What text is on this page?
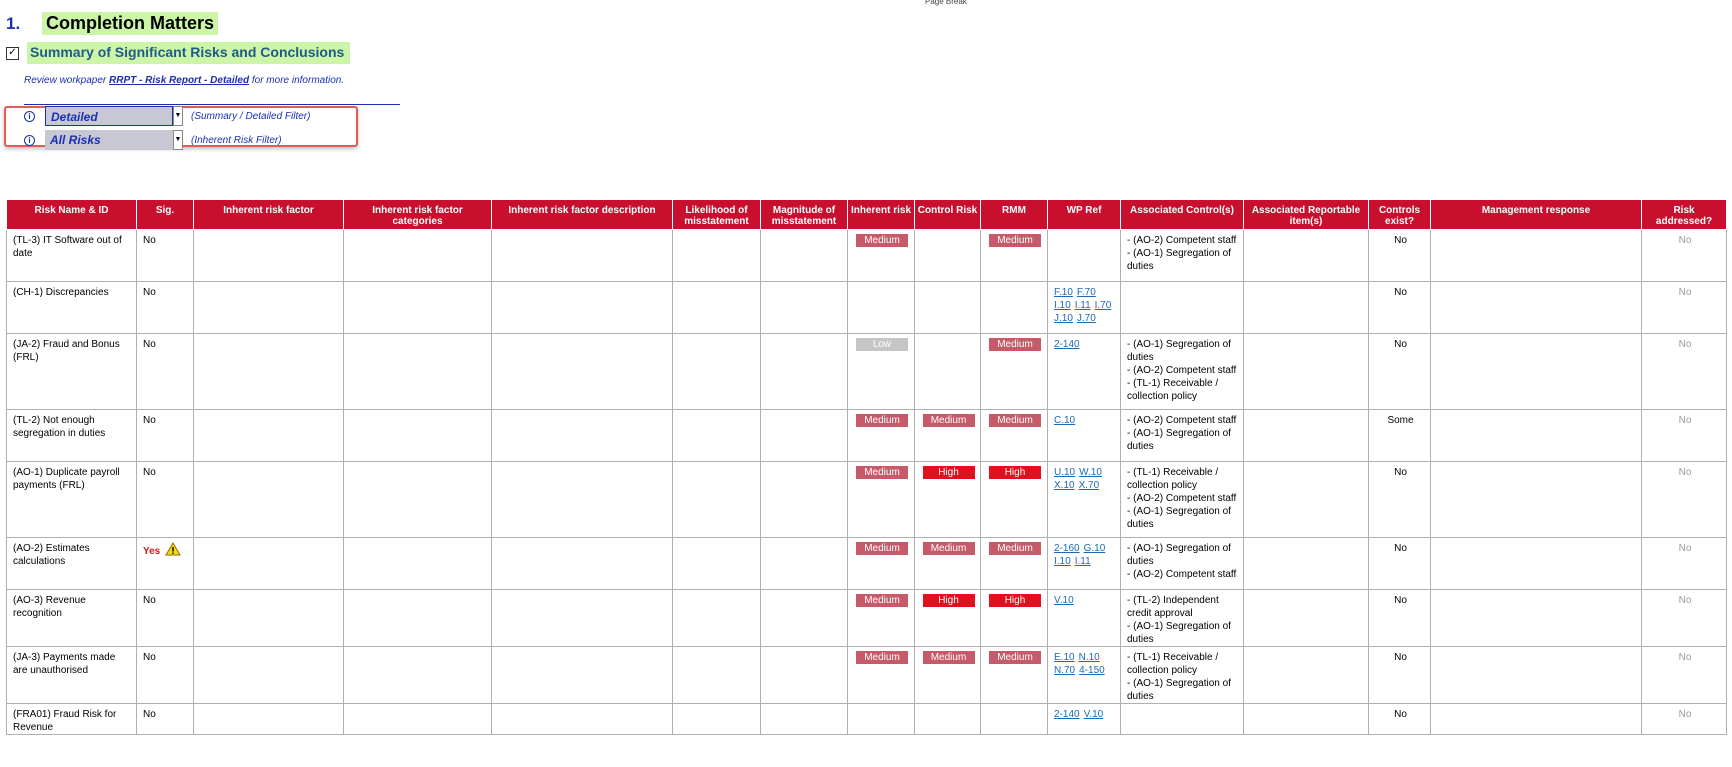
Page Break
1.	Completion Matters
✓ Summary of Significant Risks and Conclusions
Review workpaper RRPT - Risk Report - Detailed for more information.
i	Detailed	▼ (Summary / Detailed Filter)
i	All Risks	▼ (Inherent Risk Filter)
Risk Name & ID	Sig.	Inherent risk factor	Inherent risk factor categories	Inherent risk factor description	Likelihood of misstatement	Magnitude of misstatement	Inherent risk	Control Risk	RMM	WP Ref	Associated Control(s)	Associated Reportable item(s)	Controls exist?	Management response	Risk addressed?
(TL-3) IT Software out of date	No						Medium		Medium		- (AO-2) Competent staff
- (AO-1) Segregation of duties		No		No
(CH-1) Discrepancies	No									F.10 F.70I.10 I.11 I.70J.10 J.70			No		No
(JA-2) Fraud and Bonus (FRL)	No						Low		Medium	2-140	- (AO-1) Segregation of duties
- (AO-2) Competent staff
- (TL-1) Receivable / collection policy		No		No
(TL-2) Not enough segregation in duties	No						Medium	Medium	Medium	C.10	- (AO-2) Competent staff
- (AO-1) Segregation of duties		Some		No
(AO-1) Duplicate payroll payments (FRL)	No						Medium	High	High	U.10 W.10X.10 X.70	- (TL-1) Receivable / collection policy
- (AO-2) Competent staff
- (AO-1) Segregation of duties		No		No
(AO-2) Estimates calculations	Yes						Medium	Medium	Medium	2-160 G.10I.10 I.11	- (AO-1) Segregation of duties
- (AO-2) Competent staff		No		No
(AO-3) Revenue recognition	No						Medium	High	High	V.10	- (TL-2) Independent credit approval
- (AO-1) Segregation of duties		No		No
(JA-3) Payments made are unauthorised	No						Medium	Medium	Medium	E.10 N.10N.70 4-150	- (TL-1) Receivable / collection policy
- (AO-1) Segregation of duties		No		No
(FRA01) Fraud Risk for Revenue	No									2-140 V.10			No		No
